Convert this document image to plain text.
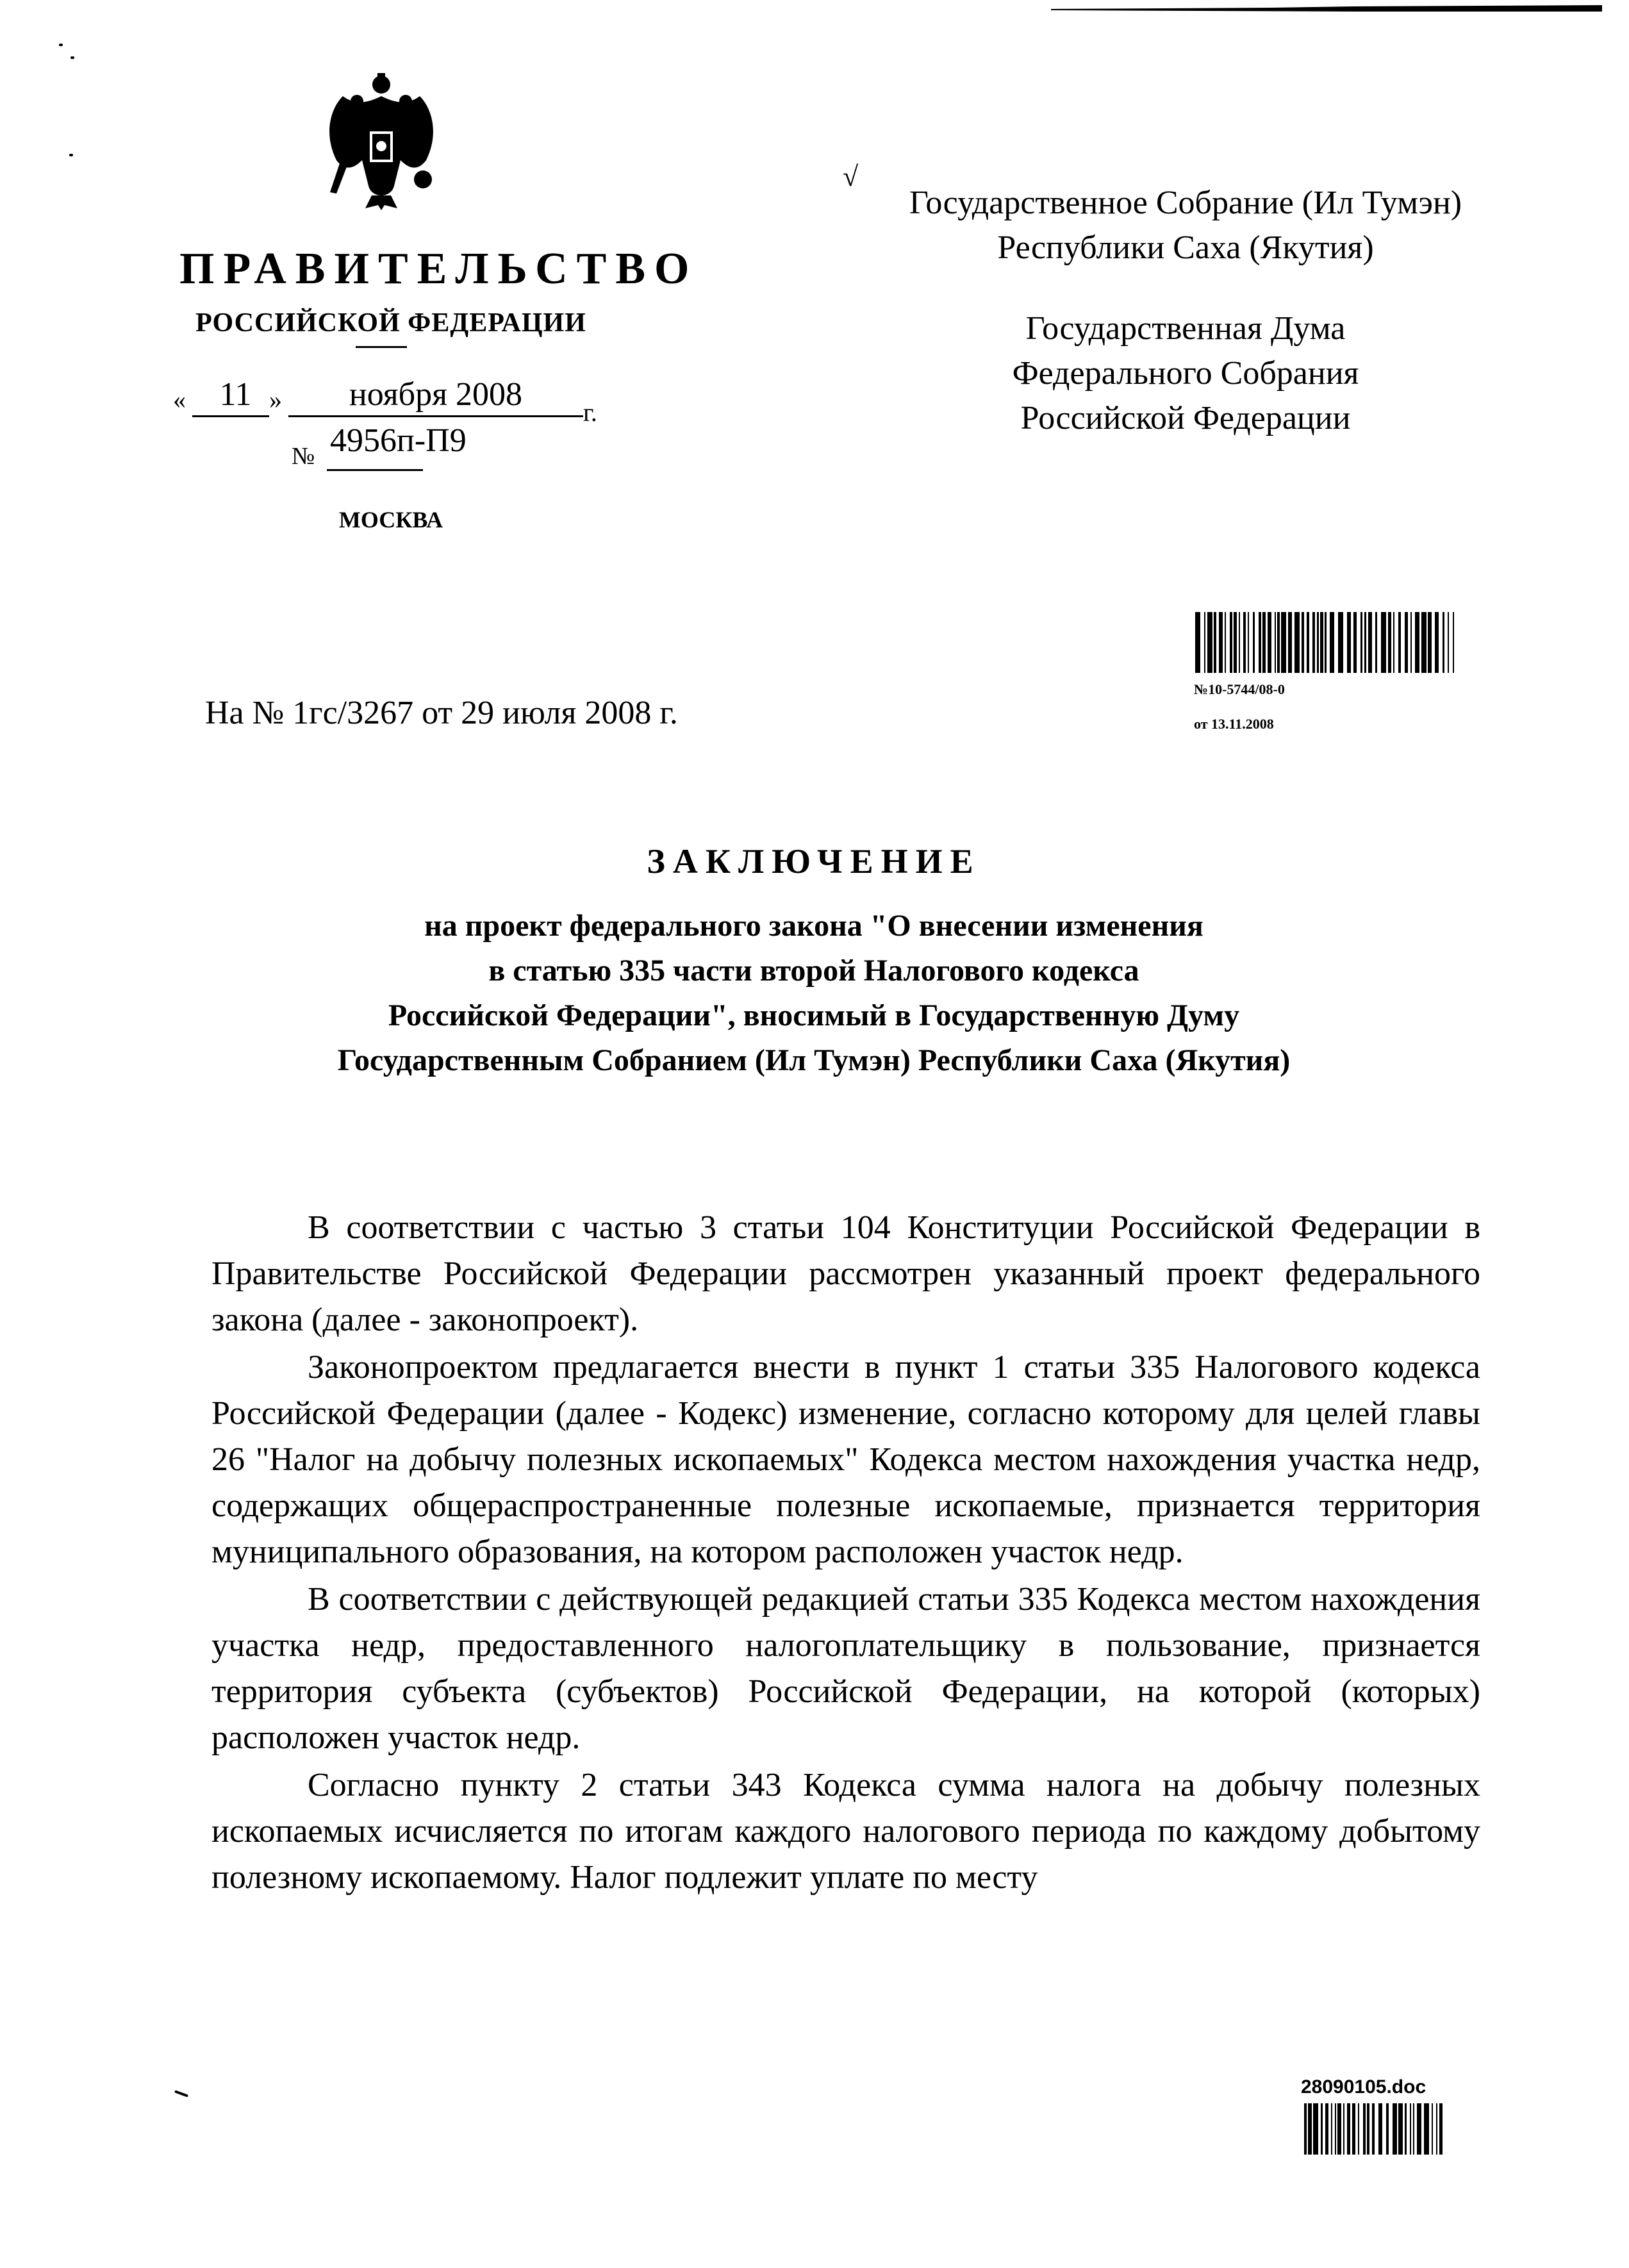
ПРАВИТЕЛЬСТВО
РОССИЙСКОЙ ФЕДЕРАЦИИ
«	11 » ноября 2008	г.
№ 4956п-П9
МОСКВА
√
Государственное Собрание (Ил Тумэн)
Республики Саха (Якутия)
Государственная Дума
Федерального Собрания
Российской Федерации
№10-5744/08-0
от 13.11.2008
На № 1гс/3267 от 29 июля 2008 г.
ЗАКЛЮЧЕНИЕ
на проект федерального закона "О внесении изменения
в статью 335 части второй Налогового кодекса
Российской Федерации", вносимый в Государственную Думу
Государственным Собранием (Ил Тумэн) Республики Саха (Якутия)

В соответствии с частью 3 статьи 104 Конституции Российской Федерации в Правительстве Российской Федерации рассмотрен указанный проект федерального закона (далее - законопроект).

Законопроектом предлагается внести в пункт 1 статьи 335 Налогового кодекса Российской Федерации (далее - Кодекс) изменение, согласно которому для целей главы 26 "Налог на добычу полезных ископаемых" Кодекса местом нахождения участка недр, содержащих общераспространенные полезные ископаемые, признается территория муниципального образования, на котором расположен участок недр.

В соответствии с действующей редакцией статьи 335 Кодекса местом нахождения участка недр, предоставленного налогоплательщику в пользование, признается территория субъекта (субъектов) Российской Федерации, на которой (которых) расположен участок недр.

Согласно пункту 2 статьи 343 Кодекса сумма налога на добычу полезных ископаемых исчисляется по итогам каждого налогового периода по каждому добытому полезному ископаемому. Налог подлежит уплате по месту

28090105.doc
